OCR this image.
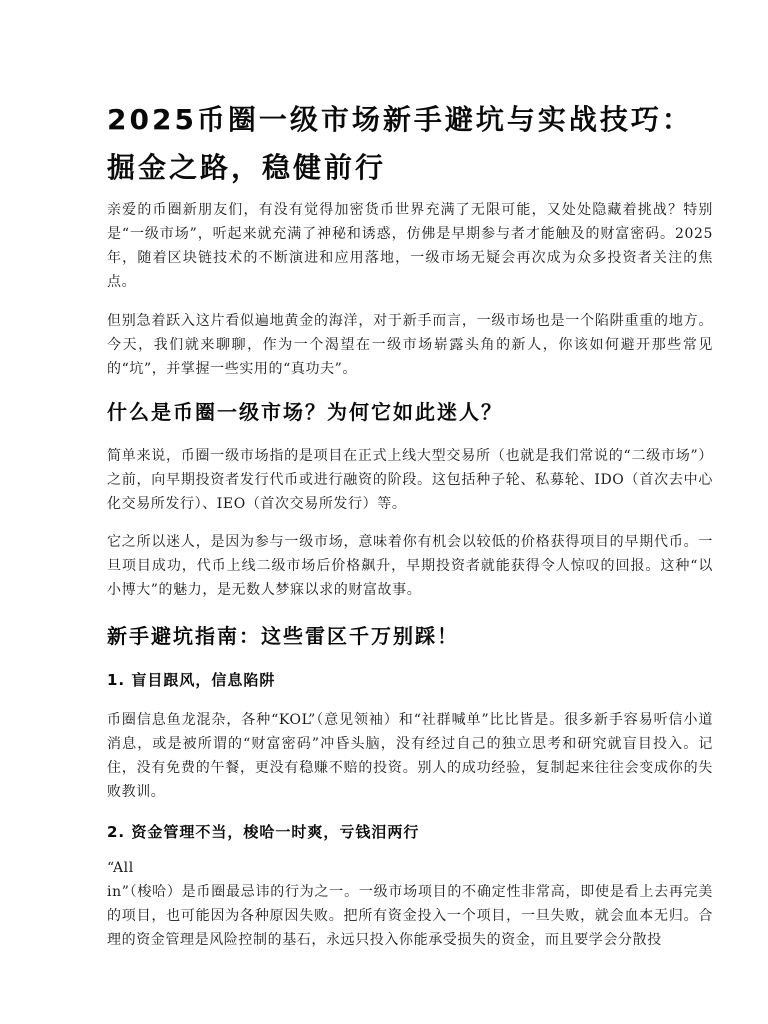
2025币圈一级市场新手避坑与实战技巧：掘金之路，稳健前行

亲爱的币圈新朋友们，有没有觉得加密货币世界充满了无限可能，又处处隐藏着挑战？特别是“一级市场”，听起来就充满了神秘和诱惑，仿佛是早期参与者才能触及的财富密码。2025年，随着区块链技术的不断演进和应用落地，一级市场无疑会再次成为众多投资者关注的焦点。

但别急着跃入这片看似遍地黄金的海洋，对于新手而言，一级市场也是一个陷阱重重的地方。今天，我们就来聊聊，作为一个渴望在一级市场崭露头角的新人，你该如何避开那些常见的“坑”，并掌握一些实用的“真功夫”。

什么是币圈一级市场？为何它如此迷人？

简单来说，币圈一级市场指的是项目在正式上线大型交易所（也就是我们常说的“二级市场”）之前，向早期投资者发行代币或进行融资的阶段。这包括种子轮、私募轮、IDO（首次去中心化交易所发行）、IEO（首次交易所发行）等。

它之所以迷人，是因为参与一级市场，意味着你有机会以较低的价格获得项目的早期代币。一旦项目成功，代币上线二级市场后价格飙升，早期投资者就能获得令人惊叹的回报。这种“以小博大”的魅力，是无数人梦寐以求的财富故事。

新手避坑指南：这些雷区千万别踩！
1. 盲目跟风，信息陷阱

币圈信息鱼龙混杂，各种“KOL”（意见领袖）和“社群喊单”比比皆是。很多新手容易听信小道消息，或是被所谓的“财富密码”冲昏头脑，没有经过自己的独立思考和研究就盲目投入。记住，没有免费的午餐，更没有稳赚不赔的投资。别人的成功经验，复制起来往往会变成你的失败教训。

2. 资金管理不当，梭哈一时爽，亏钱泪两行
“All
in”（梭哈）是币圈最忌讳的行为之一。一级市场项目的不确定性非常高，即使是看上去再完美的项目，也可能因为各种原因失败。把所有资金投入一个项目，一旦失败，就会血本无归。合理的资金管理是风险控制的基石，永远只投入你能承受损失的资金，而且要学会分散投
